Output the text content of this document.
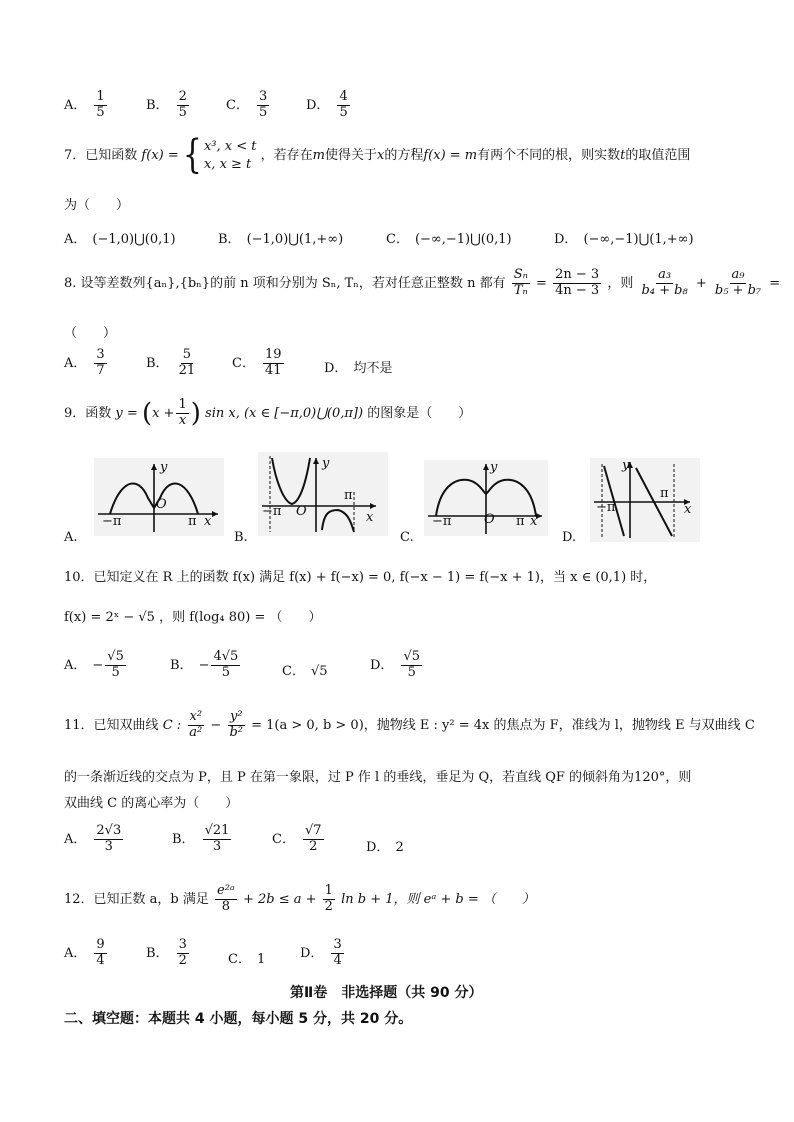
A． $\frac{1}{5}$	B． $\frac{2}{5}$	C． $\frac{3}{5}$	D． $\frac{4}{5}$
7．已知函数 f(x) = { x³, x < t
x, x ≥ t
，若存在m使得关于x的方程f(x) = m有两个不同的根，则实数t的取值范围
为（　　）
A． (−1,0)⋃(0,1)	B． (−1,0)⋃(1,+∞)	C． (−∞,−1)⋃(0,1)	D． (−∞,−1)⋃(1,+∞)
8. 设等差数列{aₙ},{bₙ}的前 n 项和分别为 Sₙ, Tₙ，若对任意正整数 n 都有 $\frac{\text{Sₙ}}{\text{Tₙ}} = \frac{2n - 3}{4n - 3}$ ，则 $\frac{\text{a₃}}{\text{b₄ + b₈}} + \frac{\text{a₉}}{\text{b₅ + b₇}}$ =
（　　）
A． $\frac{3}{7}$	B． $\frac{5}{21}$	C． $\frac{19}{41}$	D． 均不是
9．函数 $y = (x + \frac{1}{x}$ ) sin x, (x ∈ [−π,0)⋃(0,π]) 的图象是（　　）
y
O
−π	π x
y
O
−π
π
x
y
O
−π	π x
y
−π
π
x
A.	B.	C.	D.
10．已知定义在 R 上的函数 f(x) 满足 f(x) + f(−x) = 0, f(−x − 1) = f(−x + 1)，当 x ∈ (0,1) 时，
f(x) = 2ˣ − √5 ，则 f(log₄ 80) = （　　）
A． − $\frac{√5}{5}$	B． − $\frac{4√5}{5}$	C． √5	D． $\frac{√5}{5}$
11．已知双曲线 C : $\frac{\text{x²}}{\text{a²}} - \frac{\text{y²}}{\text{b²}} = 1(a > 0$, b > 0)，抛物线 E : y² = 4x 的焦点为 F，准线为 l，抛物线 E 与双曲线 C
的一条渐近线的交点为 P，且 P 在第一象限，过 P 作 l 的垂线，垂足为 Q，若直线 QF 的倾斜角为120°，则
双曲线 C 的离心率为（　　）
A． $\frac{2√3}{3}$	B． $\frac{√21}{3}$	C． $\frac{√7}{2}$	D． 2
12．已知正数 a，b 满足 $\frac{\text{e²ᵃ}}{8} + 2b \le a + \frac{1}{2}$ ln b + 1，则 eᵃ + b = （　　）
A． $\frac{9}{4}$	B． $\frac{3}{2}$	C． 1	D． $\frac{3}{4}$
第Ⅱ卷　非选择题（共 90 分）
二、填空题：本题共 4 小题，每小题 5 分，共 20 分。
